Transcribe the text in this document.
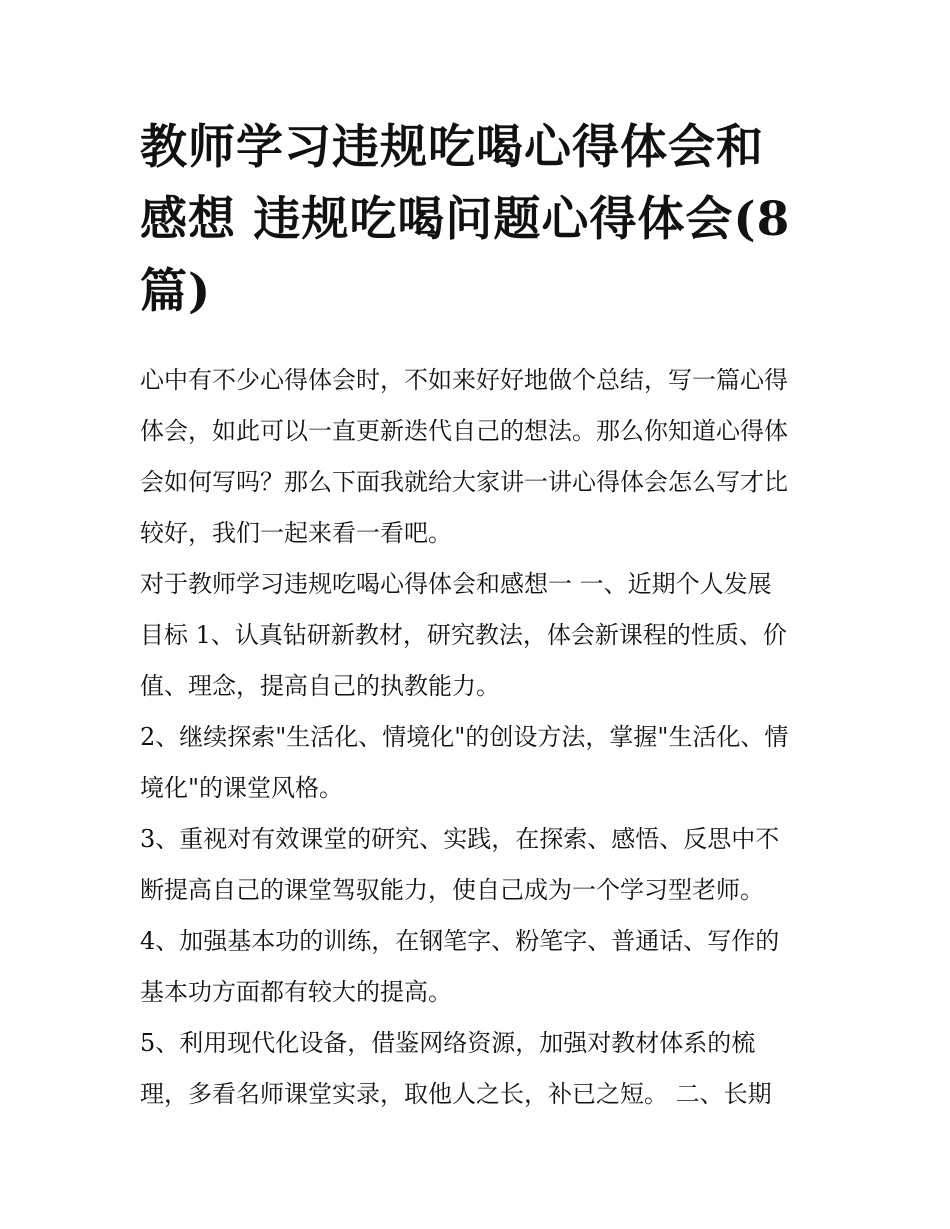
教师学习违规吃喝心得体会和
感想 违规吃喝问题心得体会(8
篇)
心中有不少心得体会时，不如来好好地做个总结，写一篇心得
体会，如此可以一直更新迭代自己的想法。那么你知道心得体
会如何写吗？那么下面我就给大家讲一讲心得体会怎么写才比
较好，我们一起来看一看吧。
对于教师学习违规吃喝心得体会和感想一 一、近期个人发展
目标 1、认真钻研新教材，研究教法，体会新课程的性质、价
值、理念，提高自己的执教能力。
2、继续探索"生活化、情境化"的创设方法，掌握"生活化、情
境化"的课堂风格。
3、重视对有效课堂的研究、实践，在探索、感悟、反思中不
断提高自己的课堂驾驭能力，使自己成为一个学习型老师。
4、加强基本功的训练，在钢笔字、粉笔字、普通话、写作的
基本功方面都有较大的提高。
5、利用现代化设备，借鉴网络资源，加强对教材体系的梳
理，多看名师课堂实录，取他人之长，补已之短。 二、长期
